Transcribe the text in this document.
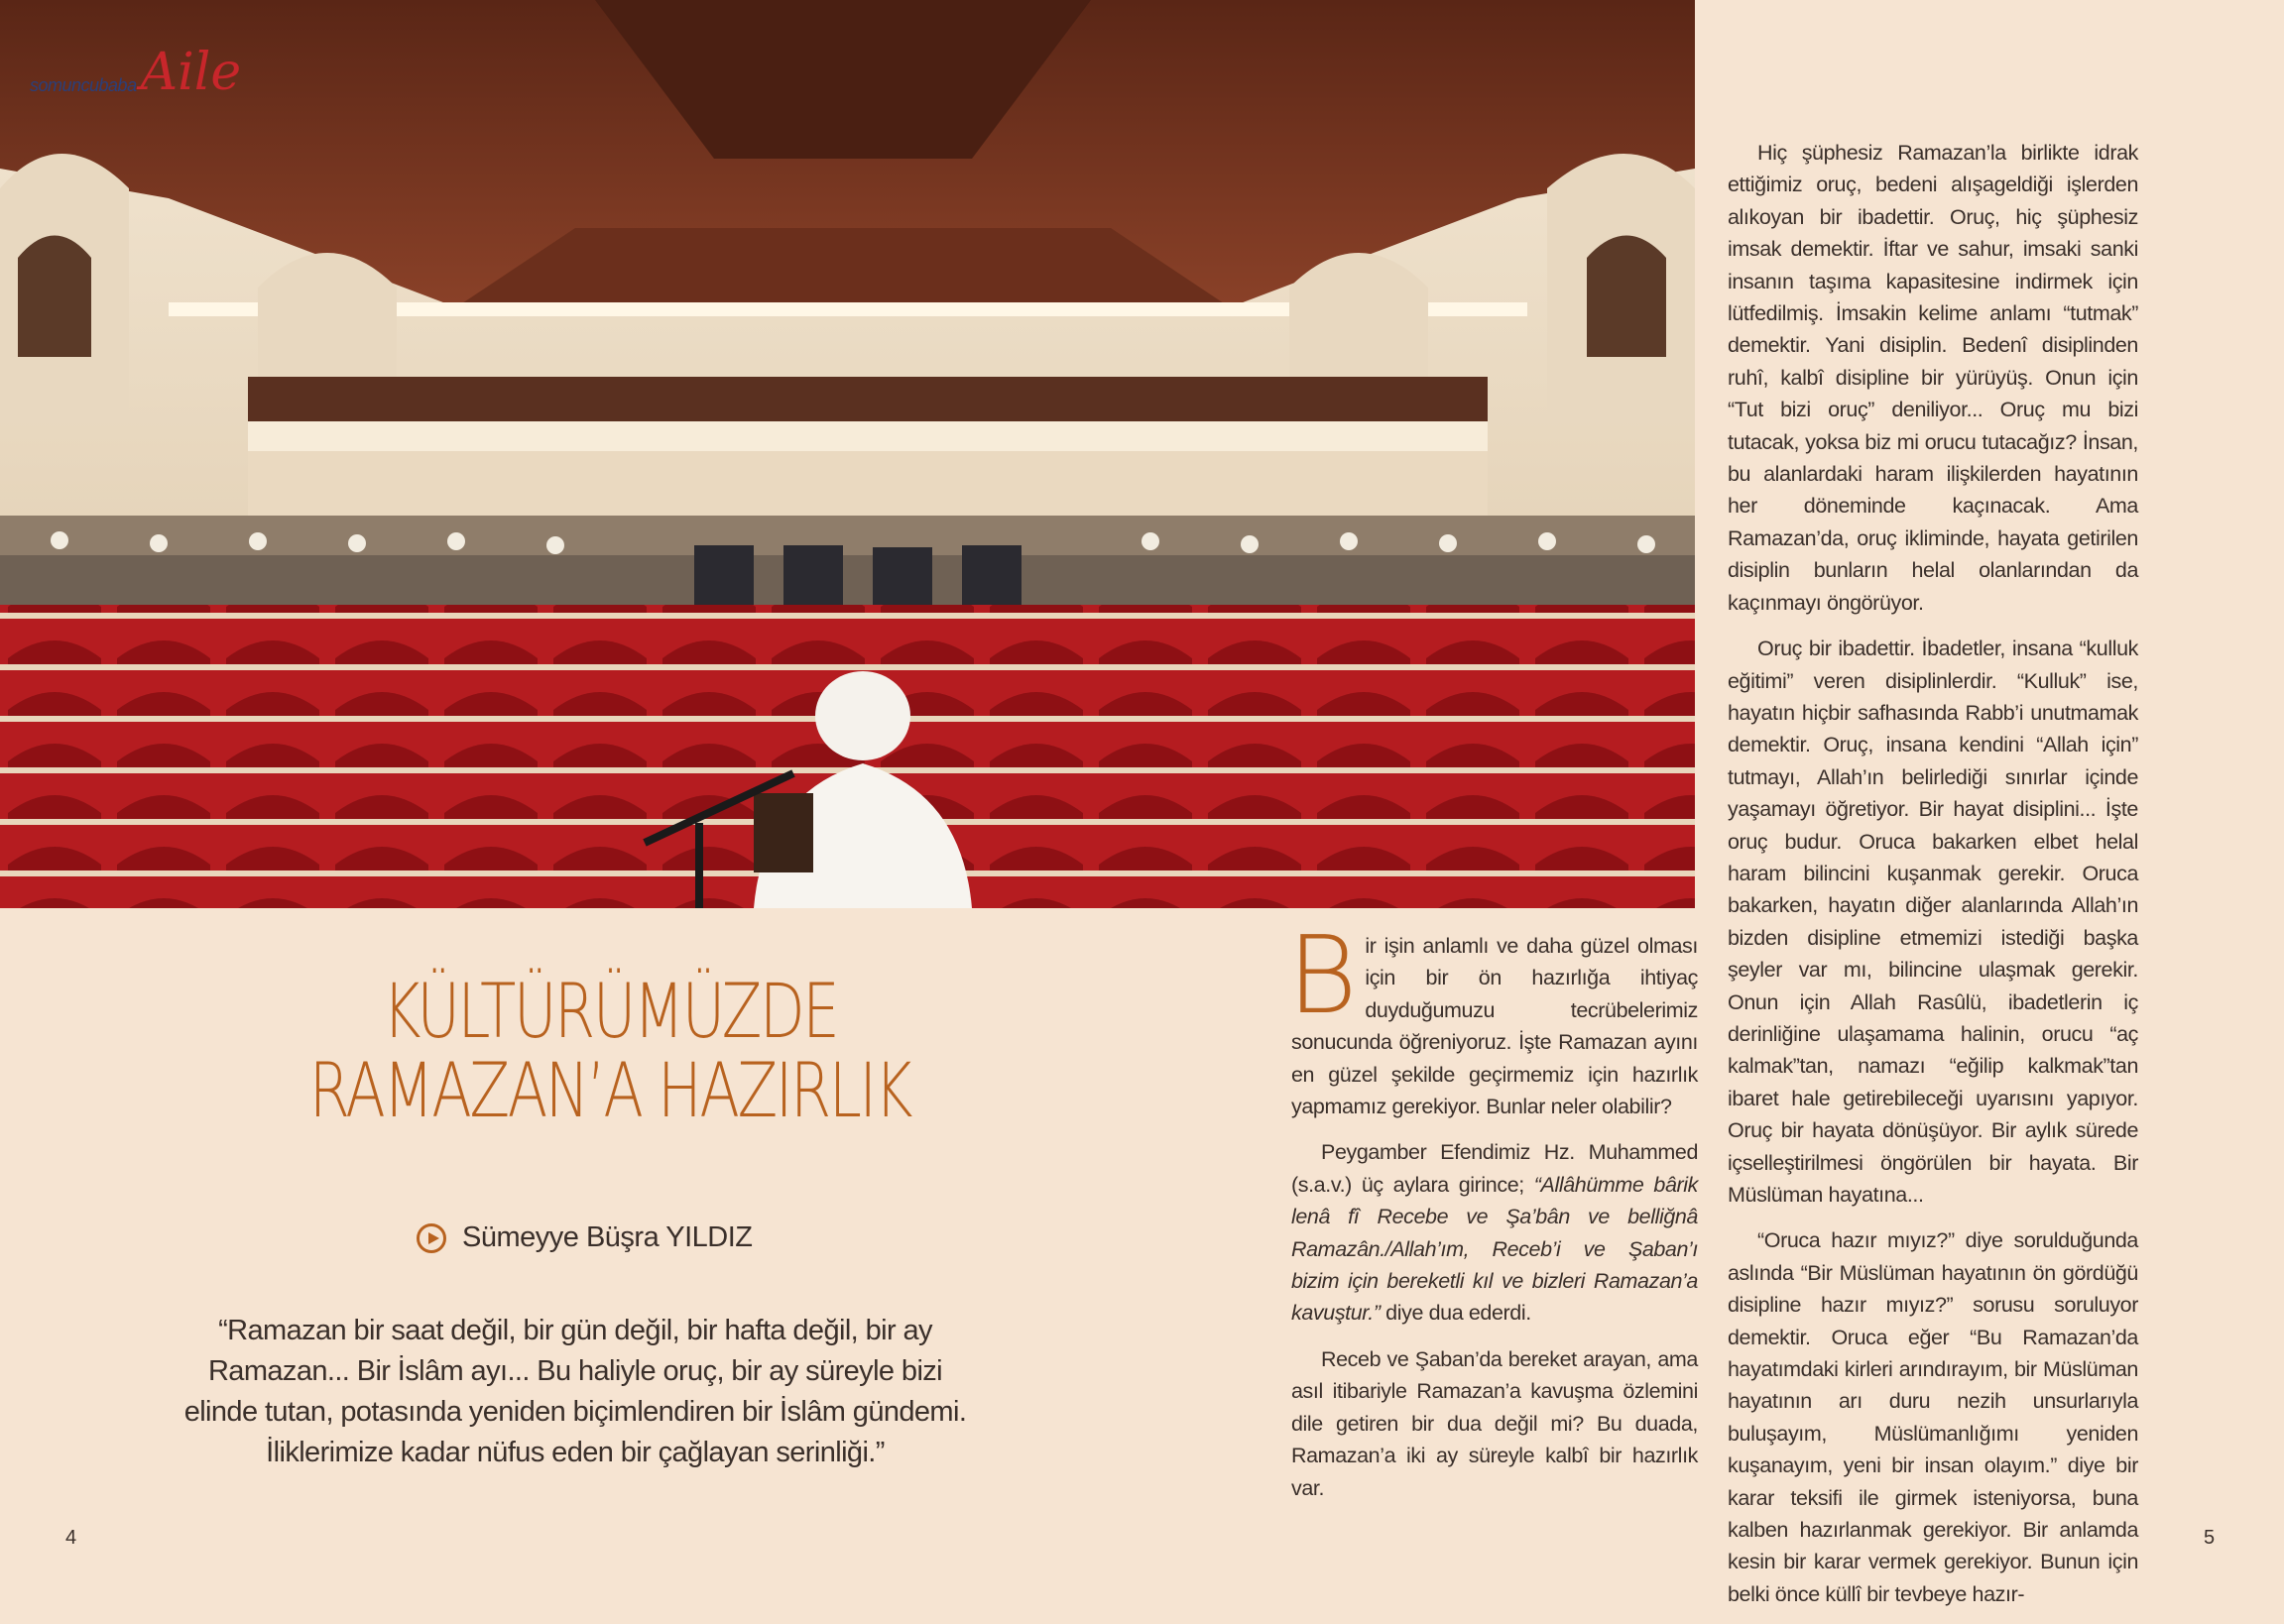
somuncubaba Aile
KÜLTÜRÜMÜZDE
RAMAZAN’A HAZIRLIK
Sümeyye Büşra YILDIZ
“Ramazan bir saat değil, bir gün değil, bir hafta değil, bir ay Ramazan... Bir İslâm ayı... Bu haliyle oruç, bir ay süreyle bizi elinde tutan, potasında yeniden biçimlendiren bir İslâm gündemi. İliklerimize kadar nüfus eden bir çağlayan serinliği.”

Bir işin anlamlı ve daha güzel olması için bir ön hazırlığa ihtiyaç duyduğumuzu tecrübelerimiz sonucunda öğreniyoruz. İşte Ramazan ayını en güzel şekilde geçirmemiz için hazırlık yapmamız gerekiyor. Bunlar neler olabilir?

Peygamber Efendimiz Hz. Muhammed (s.a.v.) üç aylara girince; “Allâhümme bârik lenâ fî Recebe ve Şa’bân ve belliğnâ Ramazân./Allah’ım, Receb’i ve Şaban’ı bizim için bereketli kıl ve bizleri Ramazan’a kavuştur.” diye dua ederdi.

Receb ve Şaban’da bereket arayan, ama asıl itibariyle Ramazan’a kavuşma özlemini dile getiren bir dua değil mi? Bu duada, Ramazan’a iki ay süreyle kalbî bir hazırlık var.

Hiç şüphesiz Ramazan’la birlikte idrak ettiğimiz oruç, bedeni alışageldiği işlerden alıkoyan bir ibadettir. Oruç, hiç şüphesiz imsak demektir. İftar ve sahur, imsaki sanki insanın taşıma kapasitesine indirmek için lütfedilmiş. İmsakin kelime anlamı “tutmak” demektir. Yani disiplin. Bedenî disiplinden ruhî, kalbî disipline bir yürüyüş. Onun için “Tut bizi oruç” deniliyor... Oruç mu bizi tutacak, yoksa biz mi orucu tutacağız? İnsan, bu alanlardaki haram ilişkilerden hayatının her döneminde kaçınacak. Ama Ramazan’da, oruç ikliminde, hayata getirilen disiplin bunların helal olanlarından da kaçınmayı öngörüyor.

Oruç bir ibadettir. İbadetler, insana “kulluk eğitimi” veren disiplinlerdir. “Kulluk” ise, hayatın hiçbir safhasında Rabb’i unutmamak demektir. Oruç, insana kendini “Allah için” tutmayı, Allah’ın belirlediği sınırlar içinde yaşamayı öğretiyor. Bir hayat disiplini... İşte oruç budur. Oruca bakarken elbet helal haram bilincini kuşanmak gerekir. Oruca bakarken, hayatın diğer alanlarında Allah’ın bizden disipline etmemizi istediği başka şeyler var mı, bilincine ulaşmak gerekir. Onun için Allah Rasûlü, ibadetlerin iç derinliğine ulaşamama halinin, orucu “aç kalmak”tan, namazı “eğilip kalkmak”tan ibaret hale getirebileceği uyarısını yapıyor. Oruç bir hayata dönüşüyor. Bir aylık sürede içselleştirilmesi öngörülen bir hayata. Bir Müslüman hayatına...

“Oruca hazır mıyız?” diye sorulduğunda aslında “Bir Müslüman hayatının ön gördüğü disipline hazır mıyız?” sorusu soruluyor demektir. Oruca eğer “Bu Ramazan’da hayatımdaki kirleri arındırayım, bir Müslüman hayatının arı duru nezih unsurlarıyla buluşayım, Müslümanlığımı yeniden kuşanayım, yeni bir insan olayım.” diye bir karar teksifi ile girmek isteniyorsa, buna kalben hazırlanmak gerekiyor. Bir anlamda kesin bir karar vermek gerekiyor. Bunun için belki önce küllî bir tevbeye hazır-

4	5
